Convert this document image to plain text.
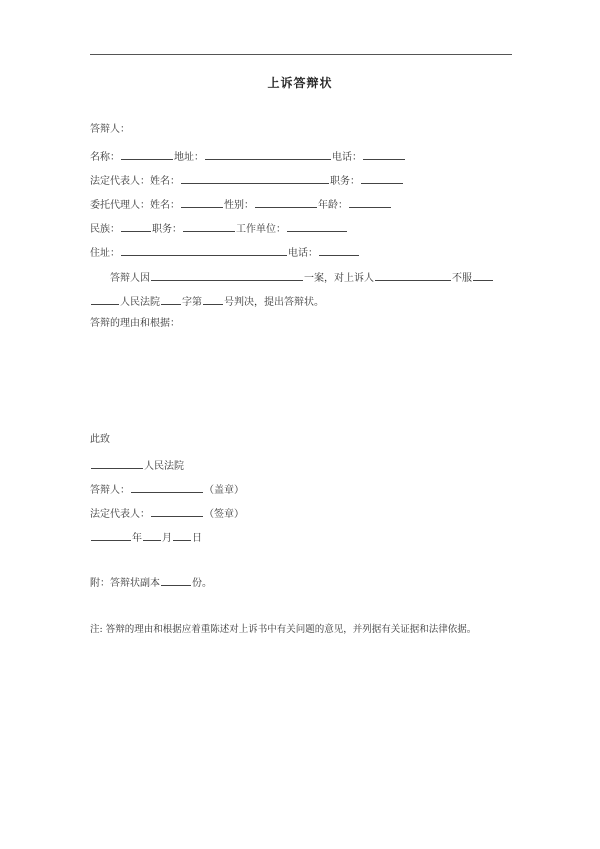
上诉答辩状
答辩人：
名称：	地址：	电话：
法定代表人：姓名：	职务：
委托代理人：姓名：	性别：	年龄：
民族：	职务：	工作单位：
住址：	电话：
答辩人因	一案，对上诉人	不服
人民法院 字第 号判决，提出答辩状。
答辩的理由和根据：
此致
人民法院
答辩人：	（盖章）
法定代表人：	（签章）
年 月 日
附：答辩状副本	份。
注: 答辩的理由和根据应着重陈述对上诉书中有关问题的意见，并列据有关证据和法律依据。
